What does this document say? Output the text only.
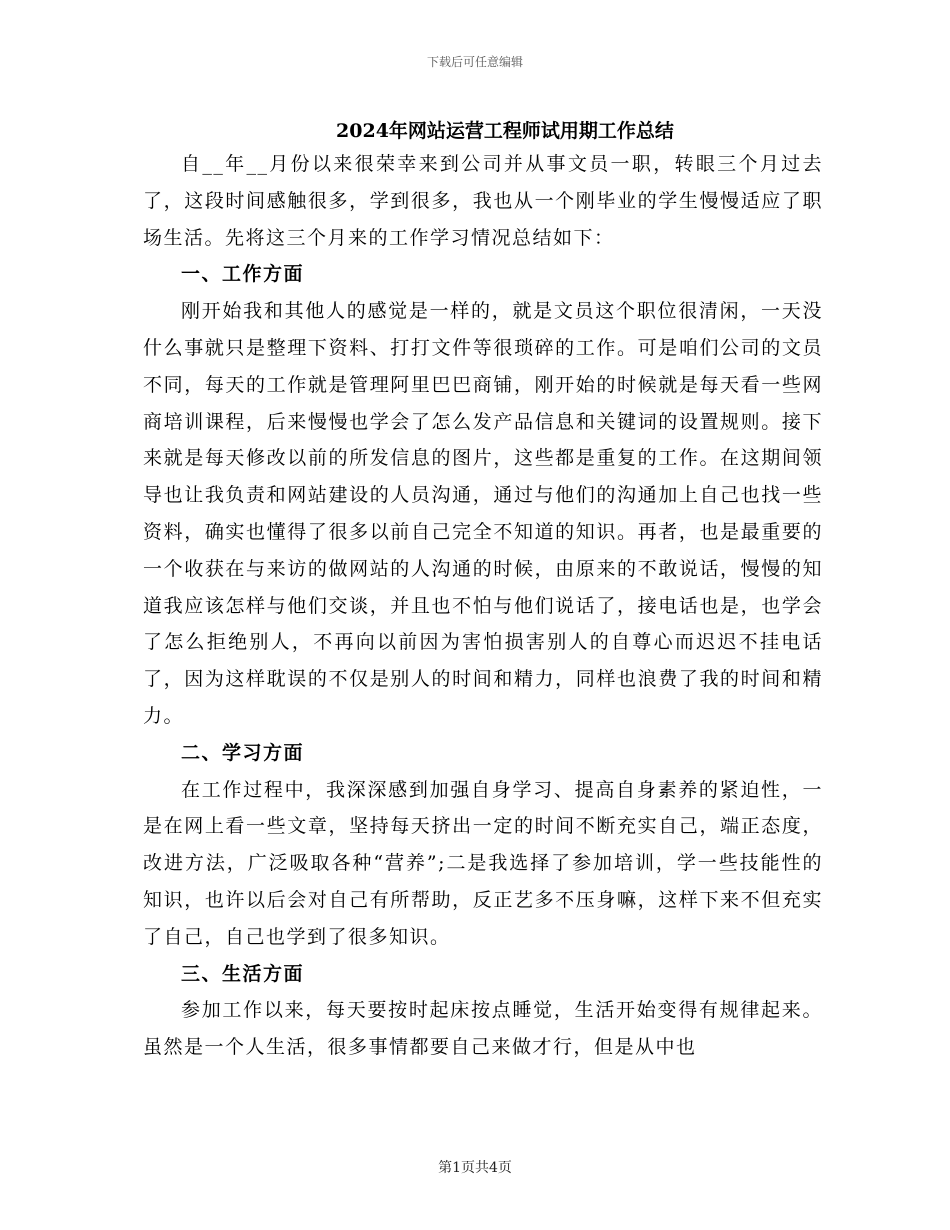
下载后可任意编辑
2024年网站运营工程师试用期工作总结

自__年__月份以来很荣幸来到公司并从事文员一职，转眼三个月过去了，这段时间感触很多，学到很多，我也从一个刚毕业的学生慢慢适应了职场生活。先将这三个月来的工作学习情况总结如下：

一、工作方面

刚开始我和其他人的感觉是一样的，就是文员这个职位很清闲，一天没什么事就只是整理下资料、打打文件等很琐碎的工作。可是咱们公司的文员不同，每天的工作就是管理阿里巴巴商铺，刚开始的时候就是每天看一些网商培训课程，后来慢慢也学会了怎么发产品信息和关键词的设置规则。接下来就是每天修改以前的所发信息的图片，这些都是重复的工作。在这期间领导也让我负责和网站建设的人员沟通，通过与他们的沟通加上自己也找一些资料，确实也懂得了很多以前自己完全不知道的知识。再者，也是最重要的一个收获在与来访的做网站的人沟通的时候，由原来的不敢说话，慢慢的知道我应该怎样与他们交谈，并且也不怕与他们说话了，接电话也是，也学会了怎么拒绝别人，不再向以前因为害怕损害别人的自尊心而迟迟不挂电话了，因为这样耽误的不仅是别人的时间和精力，同样也浪费了我的时间和精力。

二、学习方面

在工作过程中，我深深感到加强自身学习、提高自身素养的紧迫性，一是在网上看一些文章，坚持每天挤出一定的时间不断充实自己，端正态度，改进方法，广泛吸取各种“营养”;二是我选择了参加培训，学一些技能性的知识，也许以后会对自己有所帮助，反正艺多不压身嘛，这样下来不但充实了自己，自己也学到了很多知识。

三、生活方面

参加工作以来，每天要按时起床按点睡觉，生活开始变得有规律起来。虽然是一个人生活，很多事情都要自己来做才行，但是从中也

第1页共4页
